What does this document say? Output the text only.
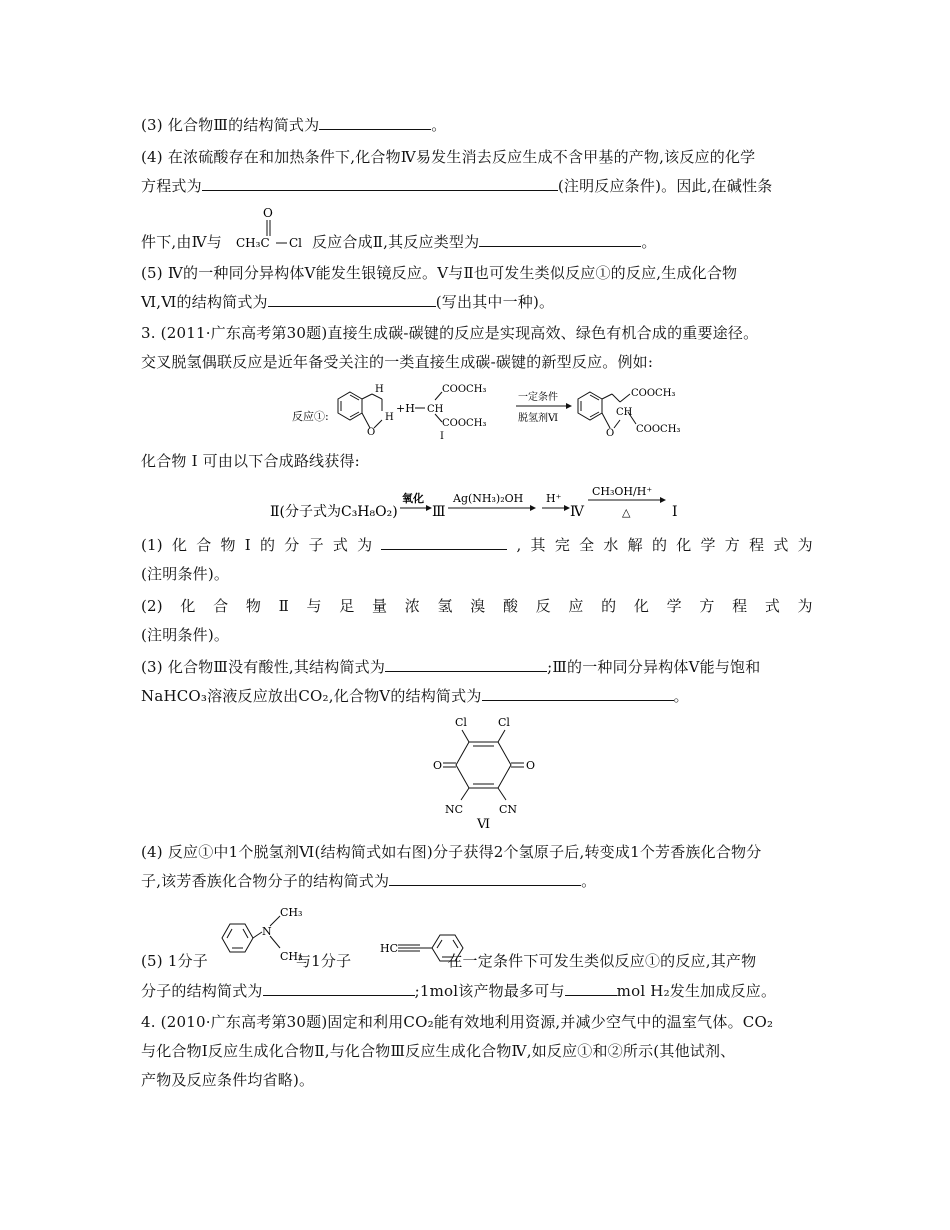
(3) 化合物Ⅲ的结构简式为	。
(4) 在浓硫酸存在和加热条件下,化合物Ⅳ易发生消去反应生成不含甲基的产物,该反应的化学
方程式为	(注明反应条件)。因此,在碱性条
件下,由Ⅳ与	反应合成Ⅱ,其反应类型为	。
O
CH₃C Cl
(5) Ⅳ的一种同分异构体Ⅴ能发生银镜反应。Ⅴ与Ⅱ也可发生类似反应①的反应,生成化合物
Ⅵ,Ⅵ的结构简式为	(写出其中一种)。
3. (2011·广东高考第30题)直接生成碳-碳键的反应是实现高效、绿色有机合成的重要途径。
交叉脱氢偶联反应是近年备受关注的一类直接生成碳-碳键的新型反应。例如:
反应①:
H
H
O
+H CH
COOCH₃
COOCH₃
I
一定条件
脱氢剂Ⅵ
O
CH
COOCH₃
COOCH₃
化合物 Ⅰ 可由以下合成路线获得:
Ⅱ(分子式为C₃H₈O₂)
氧化
Ⅲ
Ag(NH₃)₂OH H⁺
Ⅳ
CH₃OH/H⁺
△	Ⅰ
(1) 化 合 物 Ⅰ 的 分 子 式 为	, 其 完 全 水 解 的 化 学 方 程 式 为
(注明条件)。
(2) 化 合 物 Ⅱ 与 足 量 浓 氢 溴 酸 反 应 的 化 学 方 程 式 为
(注明条件)。
(3) 化合物Ⅲ没有酸性,其结构简式为	;Ⅲ的一种同分异构体Ⅴ能与饱和
NaHCO₃溶液反应放出CO₂,化合物Ⅴ的结构简式为	。
Cl	Cl
O	O
NC	CN
Ⅵ
(4) 反应①中1个脱氢剂Ⅵ(结构简式如右图)分子获得2个氢原子后,转变成1个芳香族化合物分
子,该芳香族化合物分子的结构简式为	。
(5) 1分子	与1分子	在一定条件下可发生类似反应①的反应,其产物
N
CH₃
CH₃
HC
分子的结构简式为	;1mol该产物最多可与	mol H₂发生加成反应。
4. (2010·广东高考第30题)固定和利用CO₂能有效地利用资源,并减少空气中的温室气体。CO₂
与化合物Ⅰ反应生成化合物Ⅱ,与化合物Ⅲ反应生成化合物Ⅳ,如反应①和②所示(其他试剂、
产物及反应条件均省略)。
